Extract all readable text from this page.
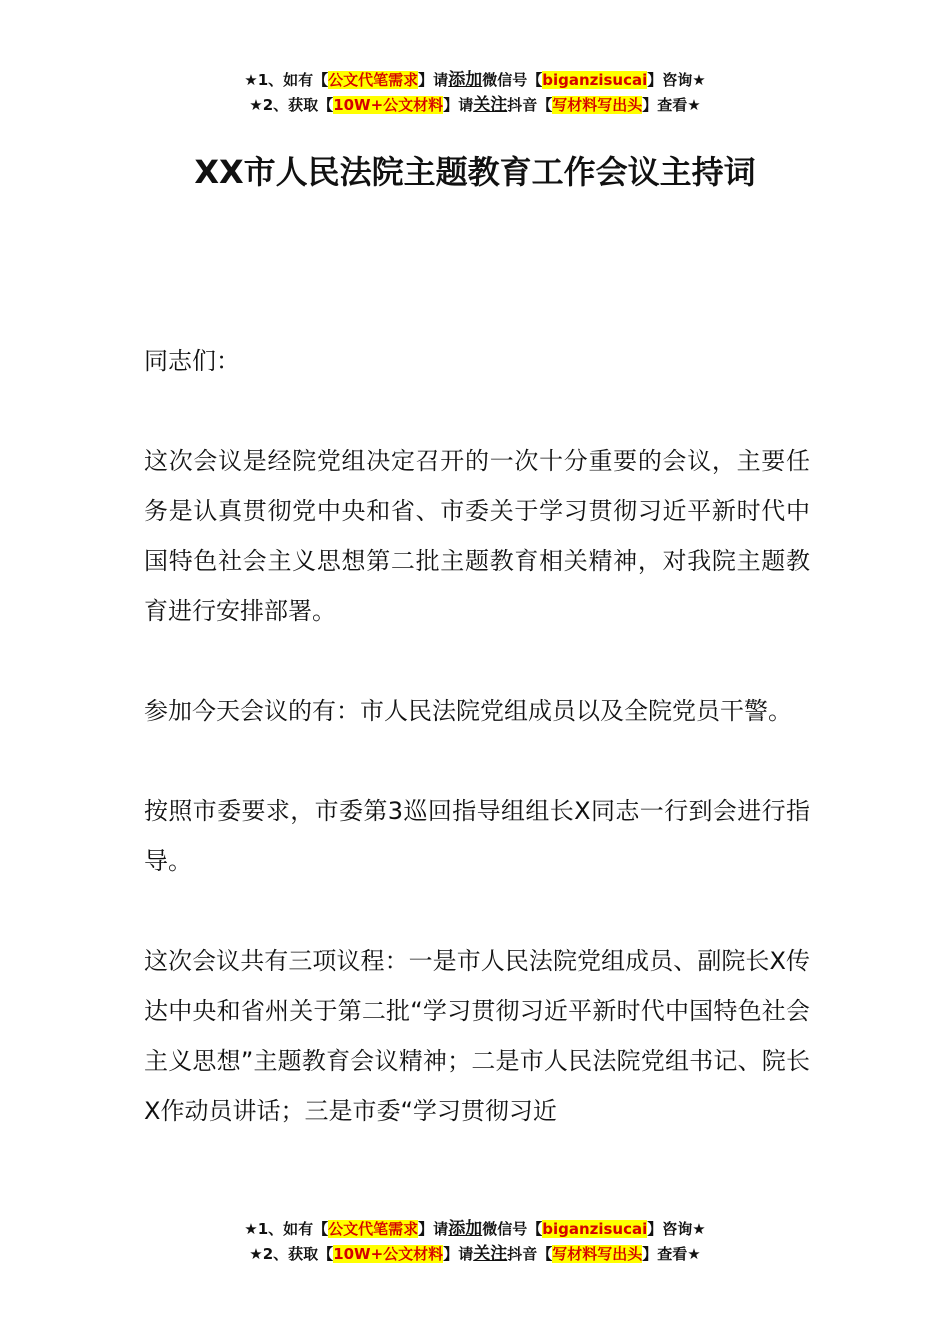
★1、如有【公文代笔需求】请添加微信号【biganzisucai】咨询★
★2、获取【10W+公文材料】请关注抖音【写材料写出头】查看★
XX市人民法院主题教育工作会议主持词

同志们：

这次会议是经院党组决定召开的一次十分重要的会议，主要任务是认真贯彻党中央和省、市委关于学习贯彻习近平新时代中国特色社会主义思想第二批主题教育相关精神，对我院主题教育进行安排部署。

参加今天会议的有：市人民法院党组成员以及全院党员干警。

按照市委要求，市委第3巡回指导组组长X同志一行到会进行指导。

这次会议共有三项议程：一是市人民法院党组成员、副院长X传达中央和省州关于第二批“学习贯彻习近平新时代中国特色社会主义思想”主题教育会议精神；二是市人民法院党组书记、院长X作动员讲话；三是市委“学习贯彻习近

★1、如有【公文代笔需求】请添加微信号【biganzisucai】咨询★
★2、获取【10W+公文材料】请关注抖音【写材料写出头】查看★
